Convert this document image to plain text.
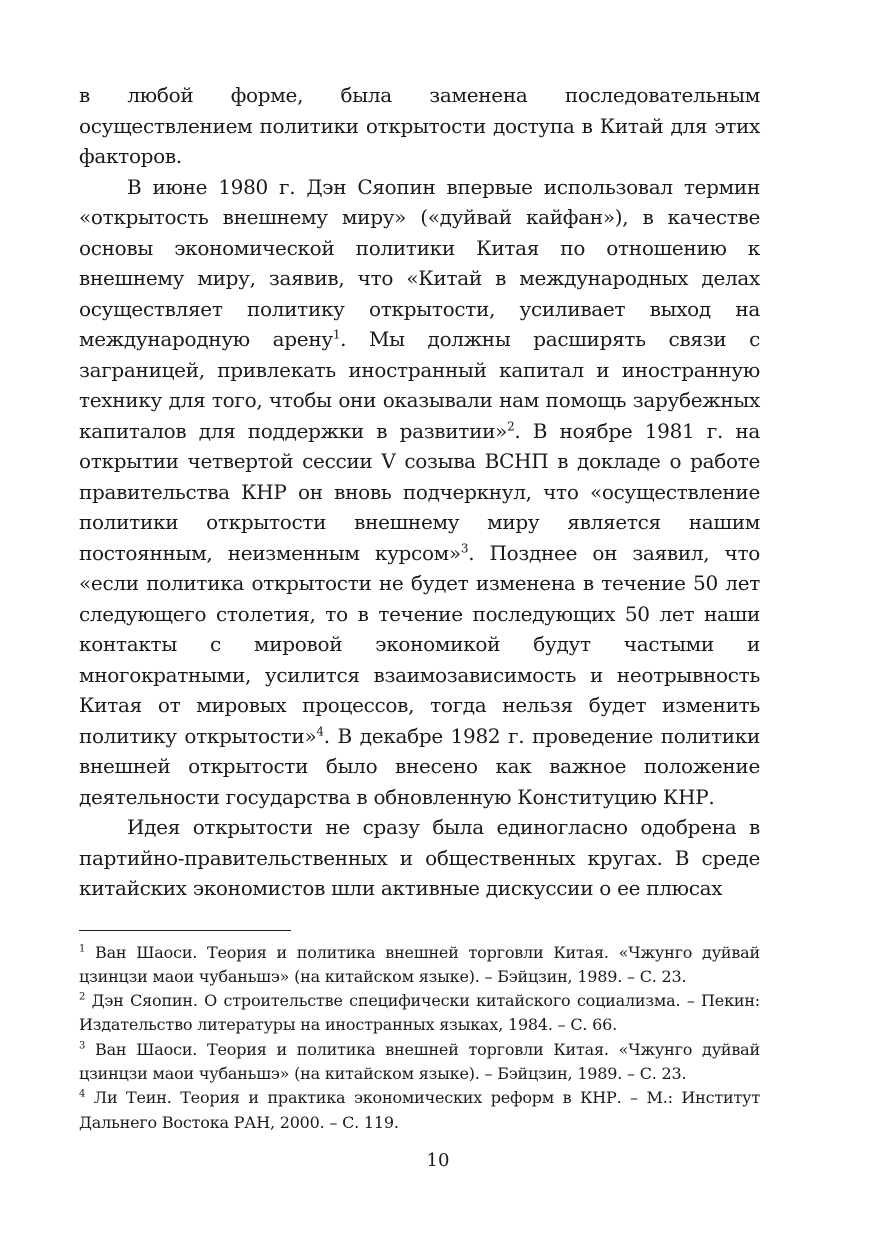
в любой форме, была заменена последовательным осуществлением политики открытости доступа в Китай для этих факторов.

В июне 1980 г. Дэн Сяопин впервые использовал термин «открытость внешнему миру» («дуйвай кайфан»), в качестве основы экономической политики Китая по отношению к внешнему миру, заявив, что «Китай в международных делах осуществляет политику открытости, усиливает выход на международную арену$^1$. Мы должны расширять связи с заграницей, привлекать иностранный капитал и иностранную технику для того, чтобы они оказывали нам помощь зарубежных капиталов для поддержки в развитии»$^2$. В ноябре 1981 г. на открытии четвертой сессии V созыва ВСНП в докладе о работе правительства КНР он вновь подчеркнул, что «осуществление политики открытости внешнему миру является нашим постоянным, неизменным курсом»$^3$. Позднее он заявил, что «если политика открытости не будет изменена в течение 50 лет следующего столетия, то в течение последующих 50 лет наши контакты с мировой экономикой будут частыми и многократными, усилится взаимозависимость и неотрывность Китая от мировых процессов, тогда нельзя будет изменить политику открытости»$^4$. В декабре 1982 г. проведение политики внешней открытости было внесено как важное положение деятельности государства в обновленную Конституцию КНР.

Идея открытости не сразу была единогласно одобрена в партийно-правительственных и общественных кругах. В среде китайских экономистов шли активные дискуссии о ее плюсах

$^1$ Ван Шаоси. Теория и политика внешней торговли Китая. «Чжунго дуйвай цзинцзи маои чубаньшэ» (на китайском языке). – Бэйцзин, 1989. – С. 23.

$^2$ Дэн Сяопин. О строительстве специфически китайского социализма. – Пекин: Издательство литературы на иностранных языках, 1984. – С. 66.

$^3$ Ван Шаоси. Теория и политика внешней торговли Китая. «Чжунго дуйвай цзинцзи маои чубаньшэ» (на китайском языке). – Бэйцзин, 1989. – С. 23.

$^4$ Ли Теин. Теория и практика экономических реформ в КНР. – М.: Институт Дальнего Востока РАН, 2000. – С. 119.

10
